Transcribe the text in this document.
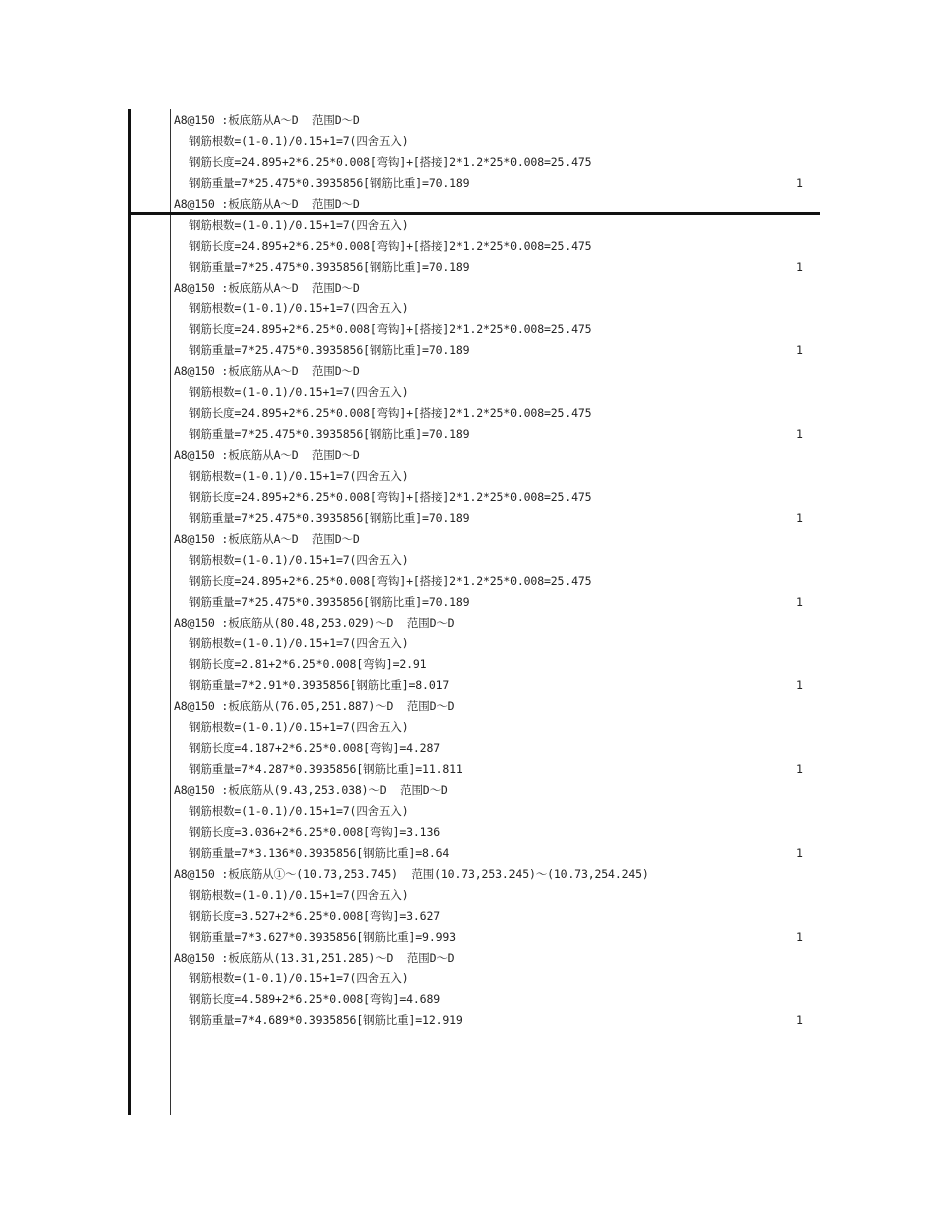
A8@150 :板底筋从A～D  范围D～D
钢筋根数=(1-0.1)/0.15+1=7(四舍五入)
钢筋长度=24.895+2*6.25*0.008[弯钩]+[搭接]2*1.2*25*0.008=25.475
钢筋重量=7*25.475*0.3935856[钢筋比重]=70.189	1
A8@150 :板底筋从A～D  范围D～D
钢筋根数=(1-0.1)/0.15+1=7(四舍五入)
钢筋长度=24.895+2*6.25*0.008[弯钩]+[搭接]2*1.2*25*0.008=25.475
钢筋重量=7*25.475*0.3935856[钢筋比重]=70.189	1
A8@150 :板底筋从A～D  范围D～D
钢筋根数=(1-0.1)/0.15+1=7(四舍五入)
钢筋长度=24.895+2*6.25*0.008[弯钩]+[搭接]2*1.2*25*0.008=25.475
钢筋重量=7*25.475*0.3935856[钢筋比重]=70.189	1
A8@150 :板底筋从A～D  范围D～D
钢筋根数=(1-0.1)/0.15+1=7(四舍五入)
钢筋长度=24.895+2*6.25*0.008[弯钩]+[搭接]2*1.2*25*0.008=25.475
钢筋重量=7*25.475*0.3935856[钢筋比重]=70.189	1
A8@150 :板底筋从A～D  范围D～D
钢筋根数=(1-0.1)/0.15+1=7(四舍五入)
钢筋长度=24.895+2*6.25*0.008[弯钩]+[搭接]2*1.2*25*0.008=25.475
钢筋重量=7*25.475*0.3935856[钢筋比重]=70.189	1
A8@150 :板底筋从A～D  范围D～D
钢筋根数=(1-0.1)/0.15+1=7(四舍五入)
钢筋长度=24.895+2*6.25*0.008[弯钩]+[搭接]2*1.2*25*0.008=25.475
钢筋重量=7*25.475*0.3935856[钢筋比重]=70.189	1
A8@150 :板底筋从(80.48,253.029)～D  范围D～D
钢筋根数=(1-0.1)/0.15+1=7(四舍五入)
钢筋长度=2.81+2*6.25*0.008[弯钩]=2.91
钢筋重量=7*2.91*0.3935856[钢筋比重]=8.017	1
A8@150 :板底筋从(76.05,251.887)～D  范围D～D
钢筋根数=(1-0.1)/0.15+1=7(四舍五入)
钢筋长度=4.187+2*6.25*0.008[弯钩]=4.287
钢筋重量=7*4.287*0.3935856[钢筋比重]=11.811	1
A8@150 :板底筋从(9.43,253.038)～D  范围D～D
钢筋根数=(1-0.1)/0.15+1=7(四舍五入)
钢筋长度=3.036+2*6.25*0.008[弯钩]=3.136
钢筋重量=7*3.136*0.3935856[钢筋比重]=8.64	1
A8@150 :板底筋从①～(10.73,253.745)  范围(10.73,253.245)～(10.73,254.245)
钢筋根数=(1-0.1)/0.15+1=7(四舍五入)
钢筋长度=3.527+2*6.25*0.008[弯钩]=3.627
钢筋重量=7*3.627*0.3935856[钢筋比重]=9.993	1
A8@150 :板底筋从(13.31,251.285)～D  范围D～D
钢筋根数=(1-0.1)/0.15+1=7(四舍五入)
钢筋长度=4.589+2*6.25*0.008[弯钩]=4.689
钢筋重量=7*4.689*0.3935856[钢筋比重]=12.919	1
